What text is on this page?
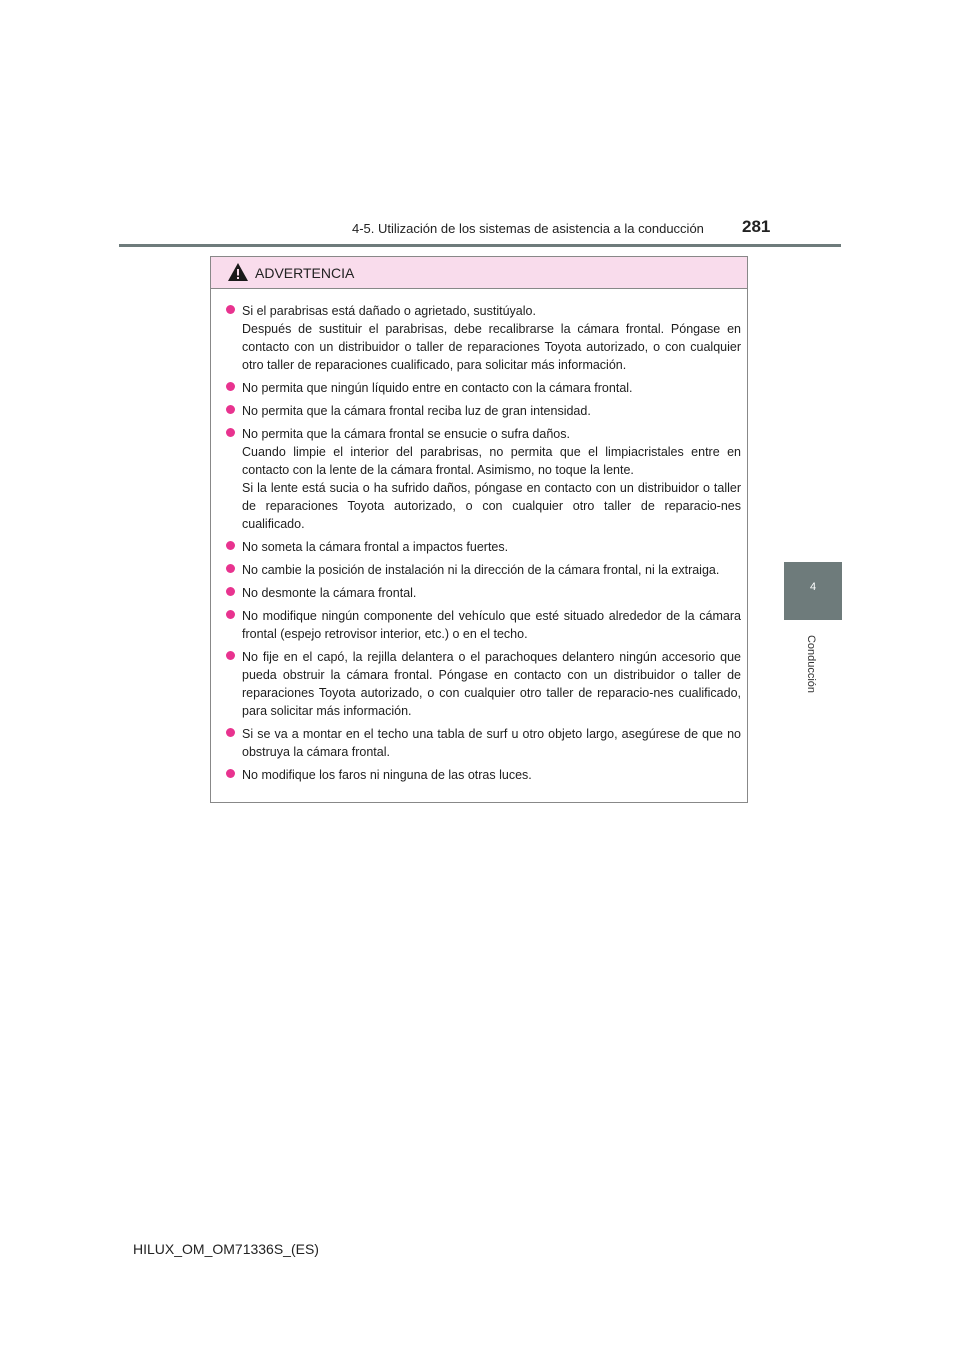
4-5. Utilización de los sistemas de asistencia a la conducción 281
4
Conducción
ADVERTENCIA

Si el parabrisas está dañado o agrietado, sustitúyalo.

Después de sustituir el parabrisas, debe recalibrarse la cámara frontal. Póngase en contacto con un distribuidor o taller de reparaciones Toyota autorizado, o con cualquier otro taller de reparaciones cualificado, para solicitar más información.

No permita que ningún líquido entre en contacto con la cámara frontal.

No permita que la cámara frontal reciba luz de gran intensidad.

No permita que la cámara frontal se ensucie o sufra daños.

Cuando limpie el interior del parabrisas, no permita que el limpiacristales entre en contacto con la lente de la cámara frontal. Asimismo, no toque la lente.

Si la lente está sucia o ha sufrido daños, póngase en contacto con un distribuidor o taller de reparaciones Toyota autorizado, o con cualquier otro taller de reparacio-nes cualificado.

No someta la cámara frontal a impactos fuertes.

No cambie la posición de instalación ni la dirección de la cámara frontal, ni la extraiga.

No desmonte la cámara frontal.

No modifique ningún componente del vehículo que esté situado alrededor de la cámara frontal (espejo retrovisor interior, etc.) o en el techo.

No fije en el capó, la rejilla delantera o el parachoques delantero ningún accesorio que pueda obstruir la cámara frontal. Póngase en contacto con un distribuidor o taller de reparaciones Toyota autorizado, o con cualquier otro taller de reparacio-nes cualificado, para solicitar más información.

Si se va a montar en el techo una tabla de surf u otro objeto largo, asegúrese de que no obstruya la cámara frontal.

No modifique los faros ni ninguna de las otras luces.

HILUX_OM_OM71336S_(ES)
